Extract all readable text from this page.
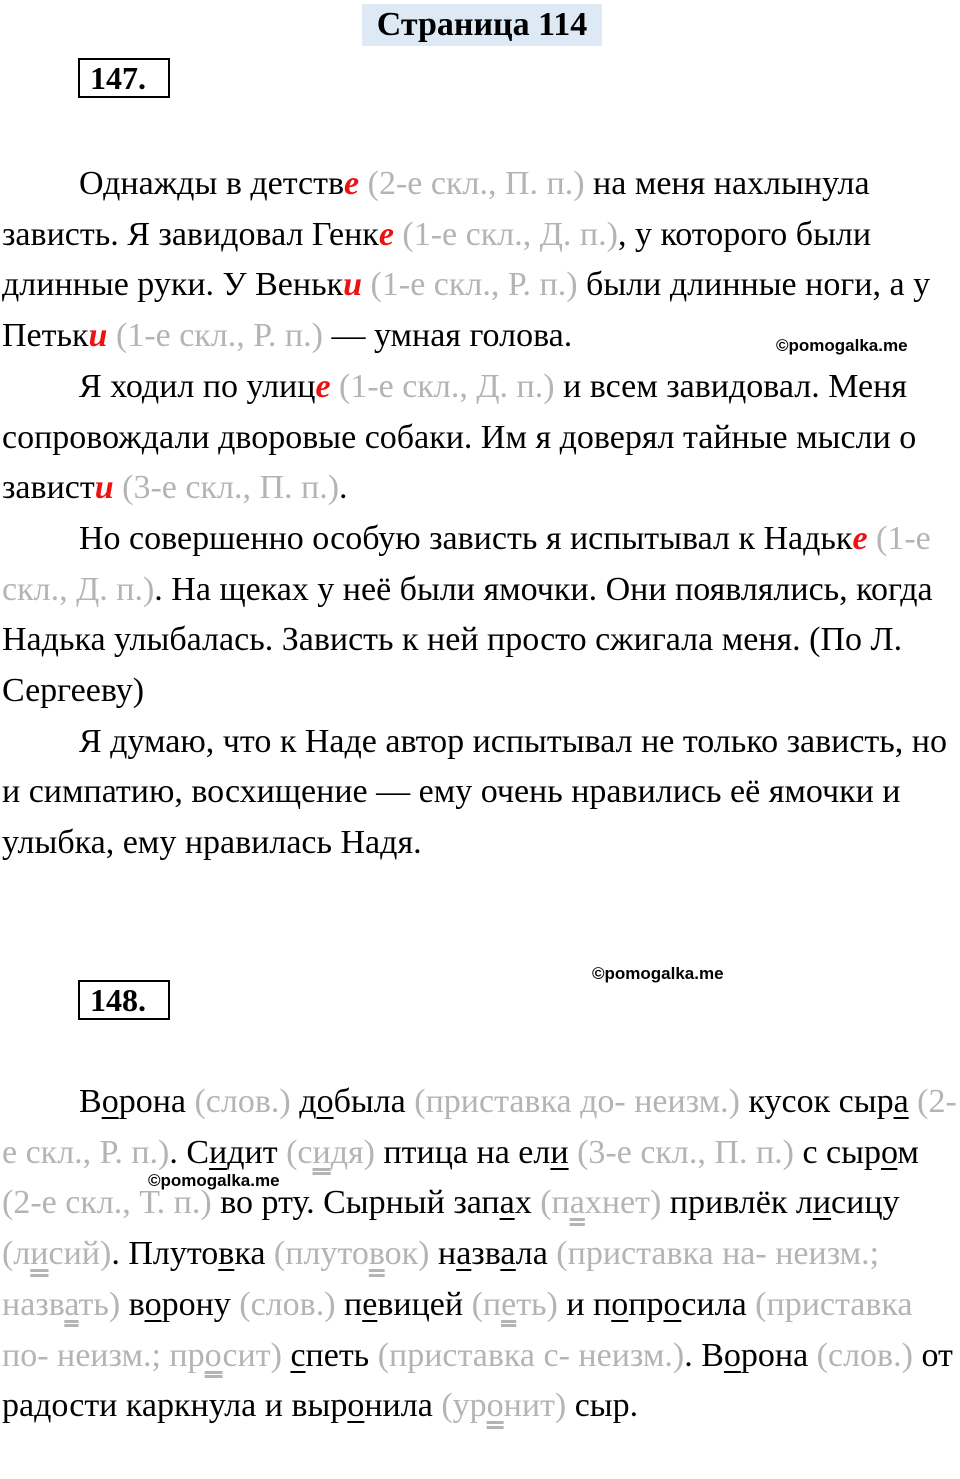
Страница 114
147.

Однажды в детстве (2-е скл., П. п.) на меня нахлынула зависть. Я завидовал Генке (1-е скл., Д. п.), у которого были длинные руки. У Веньки (1-е скл., Р. п.) были длинные ноги, а у Петьки (1-е скл., Р. п.) — умная голова.

Я ходил по улице (1-е скл., Д. п.) и всем завидовал. Меня сопровождали дворовые собаки. Им я доверял тайные мысли о зависти (3-е скл., П. п.).

Но совершенно особую зависть я испытывал к Надьке (1-е скл., Д. п.). На щеках у неё были ямочки. Они появлялись, когда Надька улыбалась. Зависть к ней просто сжигала меня. (По Л. Сергееву)

Я думаю, что к Наде автор испытывал не только зависть, но и симпатию, восхищение — ему очень нравились её ямочки и улыбка, ему нравилась Надя.

©pomogalka.me
148.
©pomogalka.me

Ворона (слов.) добыла (приставка до- неизм.) кусок сыра (2-е скл., Р. п.). Сидит (сидя) птица на ели (3-е скл., П. п.) с сыром (2-е скл., Т. п.) во рту. Сырный запах (пахнет) привлёк лисицу (лисий). Плутовка (плутовок) назвала (приставка на- неизм.; назвать) ворону (слов.) певицей (петь) и попросила (приставка по- неизм.; просит) спеть (приставка с- неизм.). Ворона (слов.) от радости каркнула и выронила (уронит) сыр.

©pomogalka.me
